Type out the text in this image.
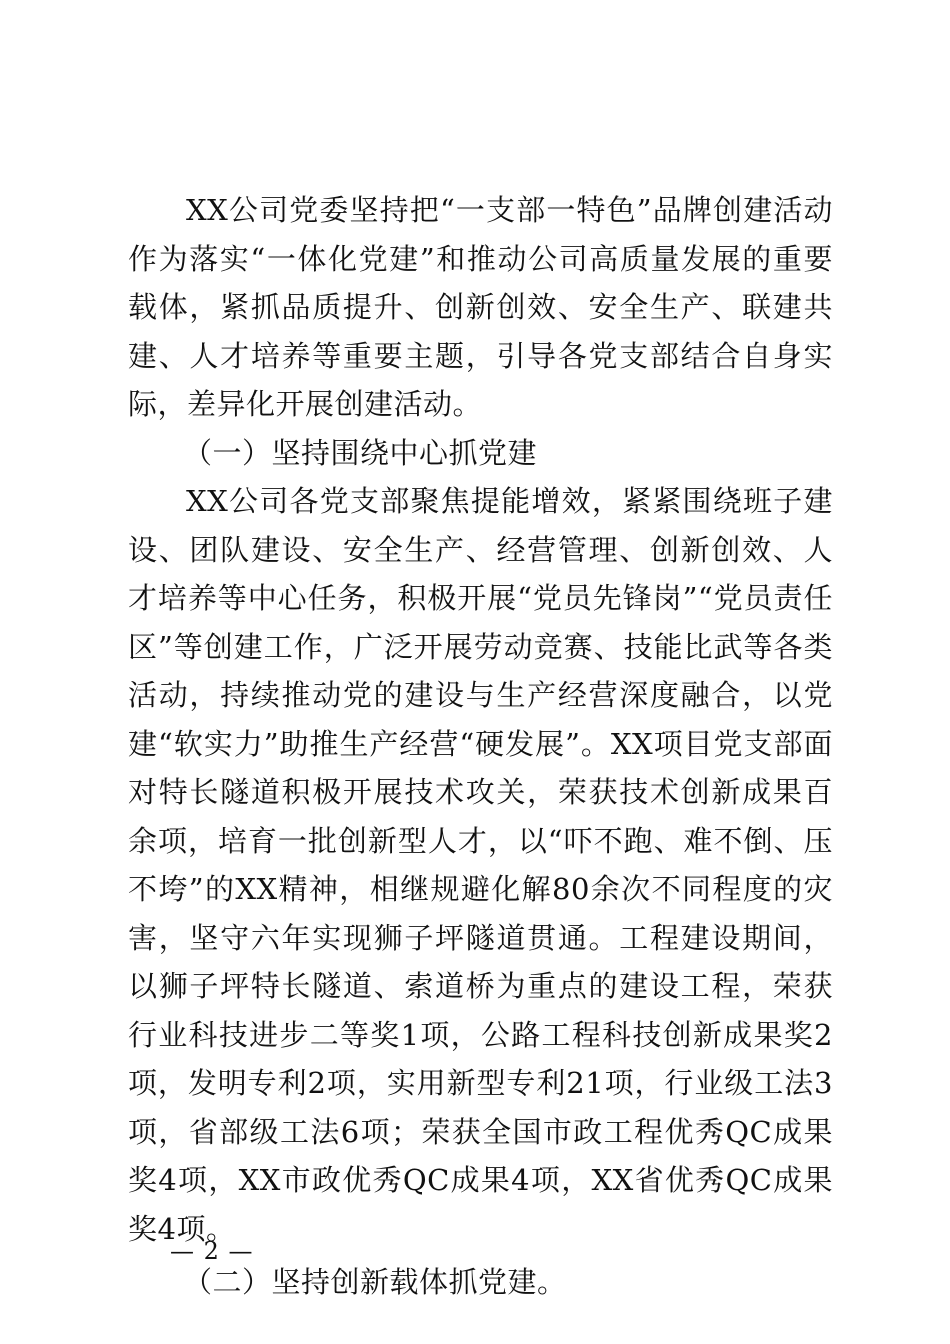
XX公司党委坚持把“一支部一特色”品牌创建活动作为落实“一体化党建”和推动公司高质量发展的重要载体，紧抓品质提升、创新创效、安全生产、联建共建、人才培养等重要主题，引导各党支部结合自身实际，差异化开展创建活动。

（一）坚持围绕中心抓党建

XX公司各党支部聚焦提能增效，紧紧围绕班子建设、团队建设、安全生产、经营管理、创新创效、人才培养等中心任务，积极开展“党员先锋岗”“党员责任区”等创建工作，广泛开展劳动竞赛、技能比武等各类活动，持续推动党的建设与生产经营深度融合，以党建“软实力”助推生产经营“硬发展”。XX项目党支部面对特长隧道积极开展技术攻关，荣获技术创新成果百余项，培育一批创新型人才，以“吓不跑、难不倒、压不垮”的XX精神，相继规避化解80余次不同程度的灾害，坚守六年实现狮子坪隧道贯通。工程建设期间，以狮子坪特长隧道、索道桥为重点的建设工程，荣获行业科技进步二等奖1项，公路工程科技创新成果奖2项，发明专利2项，实用新型专利21项，行业级工法3项，省部级工法6项；荣获全国市政工程优秀QC成果奖4项，XX市政优秀QC成果4项，XX省优秀QC成果奖4项。

（二）坚持创新载体抓党建。

— 2 —
